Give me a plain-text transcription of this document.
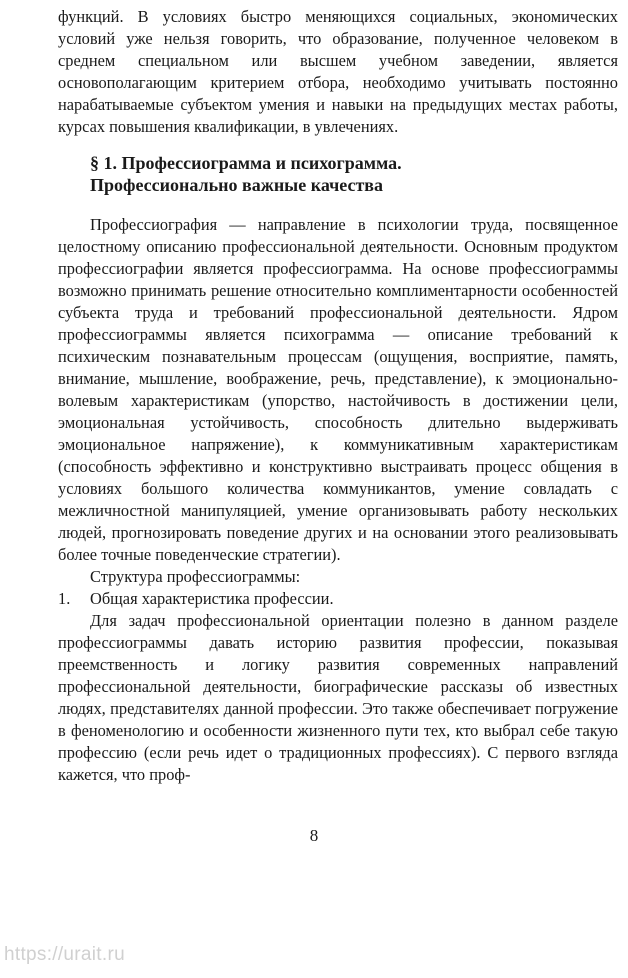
функций. В условиях быстро меняющихся социальных, экономических условий уже нельзя говорить, что образование, полученное человеком в среднем специальном или высшем учебном заведении, является основополагающим критерием отбора, необходимо учитывать постоянно нарабатываемые субъектом умения и навыки на предыдущих местах работы, курсах повышения квалификации, в увлечениях.

§ 1. Профессиограмма и психограмма.
Профессионально важные качества

Профессиография — направление в психологии труда, посвященное целостному описанию профессиональной деятельности. Основным продуктом профессиографии является профессиограмма. На основе профессиограммы возможно принимать решение относительно комплиментарности особенностей субъекта труда и требований профессиональной деятельности. Ядром профессиограммы является психограмма — описание требований к психическим познавательным процессам (ощущения, восприятие, память, внимание, мышление, воображение, речь, представление), к эмоционально-волевым характеристикам (упорство, настойчивость в достижении цели, эмоциональная устойчивость, способность длительно выдерживать эмоциональное напряжение), к коммуникативным характеристикам (способность эффективно и конструктивно выстраивать процесс общения в условиях большого количества коммуникантов, умение совладать с межличностной манипуляцией, умение организовывать работу нескольких людей, прогнозировать поведение других и на основании этого реализовывать более точные поведенческие стратегии).

Структура профессиограммы:

1.	Общая характеристика профессии.

Для задач профессиональной ориентации полезно в данном разделе профессиограммы давать историю развития профессии, показывая преемственность и логику развития современных направлений профессиональной деятельности, биографические рассказы об известных людях, представителях данной профессии. Это также обеспечивает погружение в феноменологию и особенности жизненного пути тех, кто выбрал себе такую профессию (если речь идет о традиционных профессиях). С первого взгляда кажется, что проф-

8
https://urait.ru
